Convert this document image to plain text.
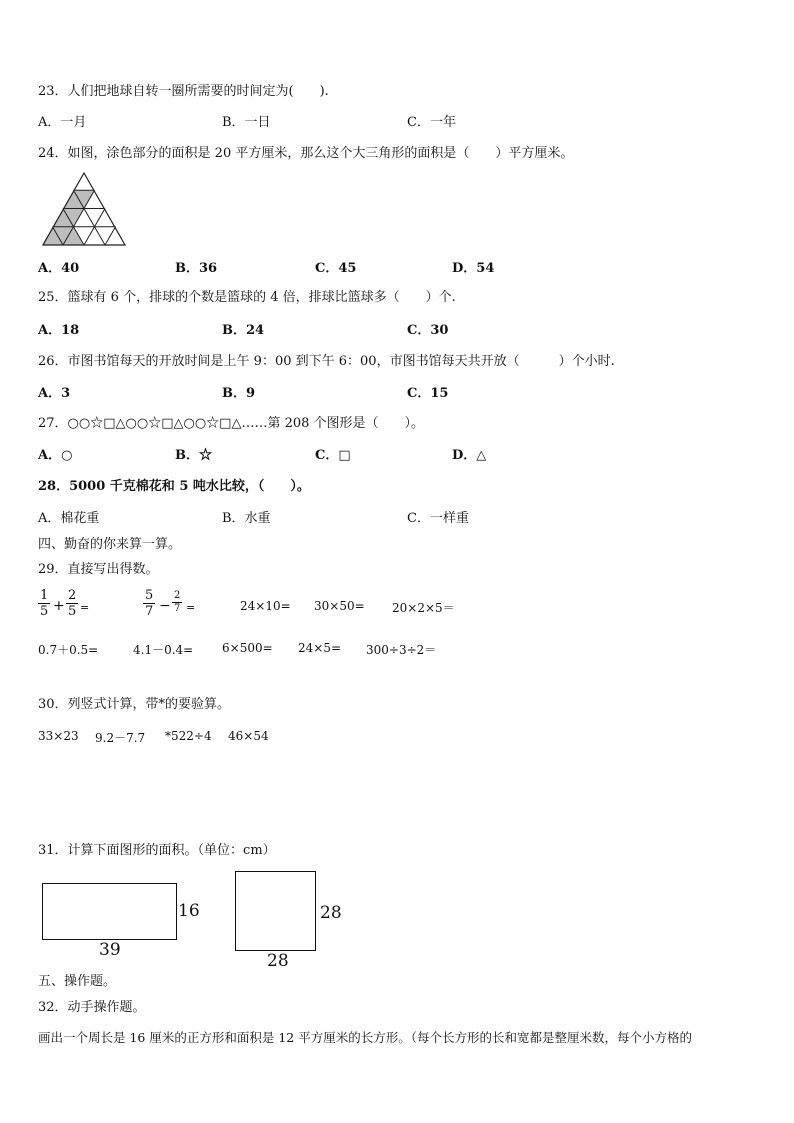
23．人们把地球自转一圈所需要的时间定为(　　).
A．一月	B．一日	C．一年
24．如图，涂色部分的面积是 20 平方厘米，那么这个大三角形的面积是（　　）平方厘米。
A．40	B．36	C．45	D．54
25．篮球有 6 个，排球的个数是篮球的 4 倍，排球比篮球多（　　）个.
A．18	B．24	C．30
26．市图书馆每天的开放时间是上午 9：00 到下午 6：00，市图书馆每天共开放（　　　）个小时.
A．3	B．9	C．15
27．○○☆□△○○☆□△○○☆□△……第 208 个图形是（　　）。
A．○	B．☆	C．□	D．△
28．5000 千克棉花和 5 吨水比较，（　　）。
A．棉花重	B．水重	C．一样重
四、勤奋的你来算一算。
29．直接写出得数。
$\frac{1}{5} + \frac{2}{5}$ =	$\frac{5}{7} - \frac{2}{7}$ =	24×10= 30×50= 20×2×5＝
0.7＋0.5=	4.1－0.4= 6×500= 24×5= 300÷3÷2＝
30．列竖式计算，带*的要验算。
33×23 9.2－7.7 *522÷4 46×54
31．计算下面图形的面积。（单位：cm）
16
39
28
28
五、操作题。
32．动手操作题。
画出一个周长是 16 厘米的正方形和面积是 12 平方厘米的长方形。（每个长方形的长和宽都是整厘米数，每个小方格的
